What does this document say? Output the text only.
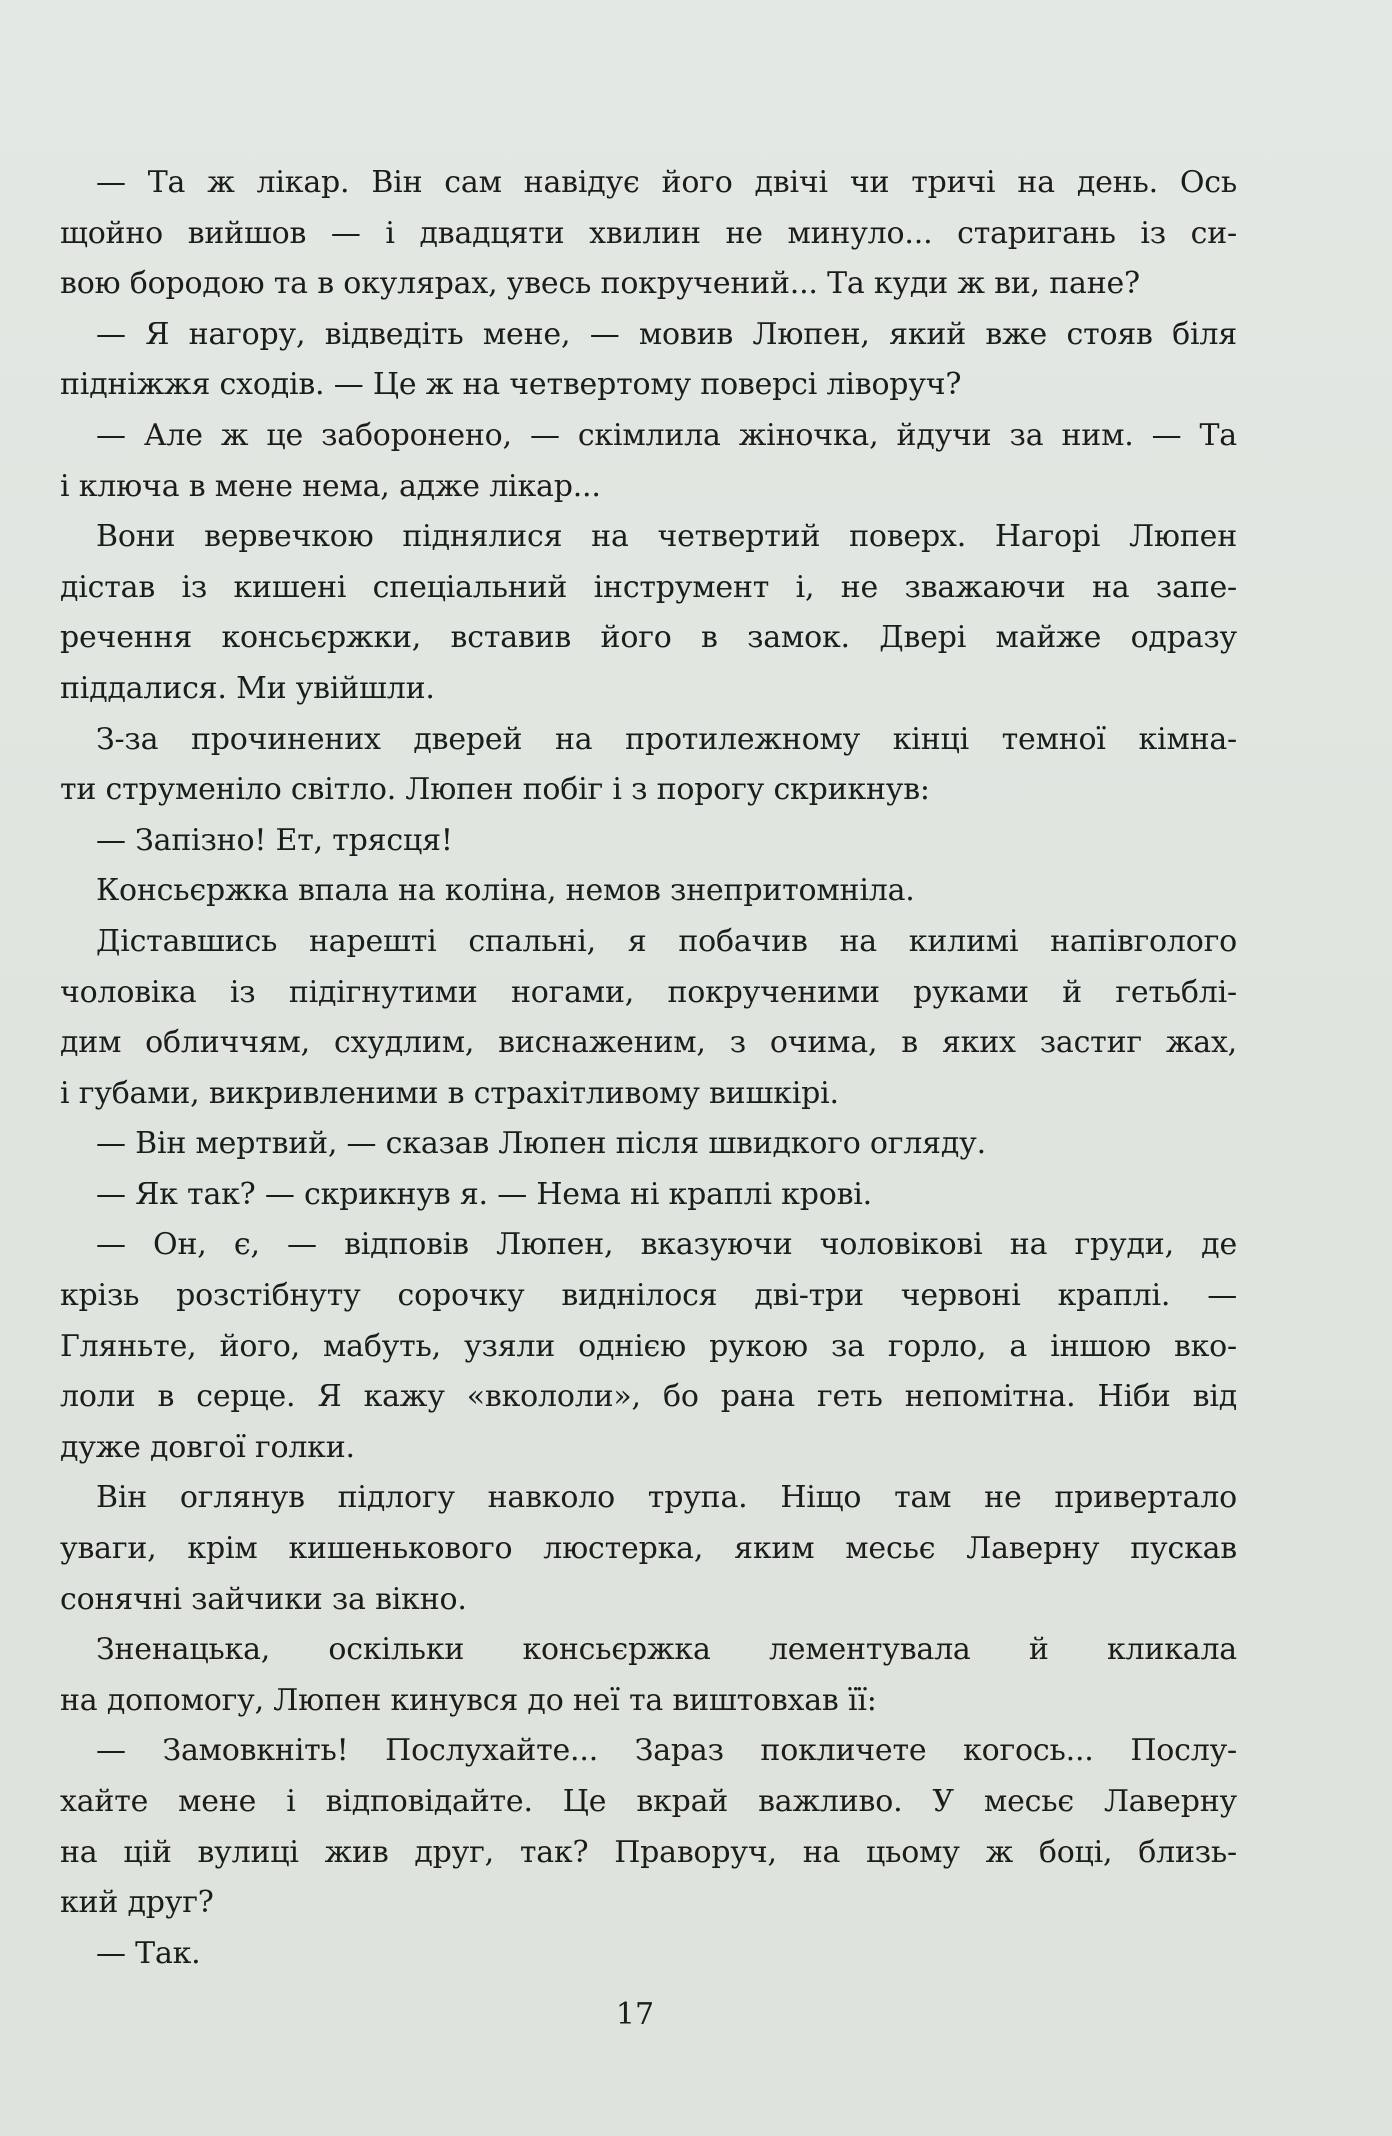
— Та ж лікар. Він сам навідує його двічі чи тричі на день. Ось
щойно вийшов — і двадцяти хвилин не минуло... старигань із си-
вою бородою та в окулярах, увесь покручений... Та куди ж ви, пане?
— Я нагору, відведіть мене, — мовив Люпен, який вже стояв біля
підніжжя сходів. — Це ж на четвертому поверсі ліворуч?
— Але ж це заборонено, — скімлила жіночка, йдучи за ним. — Та
і ключа в мене нема, адже лікар...
Вони вервечкою піднялися на четвертий поверх. Нагорі Люпен
дістав із кишені спеціальний інструмент і, не зважаючи на запе-
речення консьєржки, вставив його в замок. Двері майже одразу
піддалися. Ми увійшли.
З-за прочинених дверей на протилежному кінці темної кімна-
ти струменіло світло. Люпен побіг і з порогу скрикнув:
— Запізно! Ет, трясця!
Консьєржка впала на коліна, немов знепритомніла.
Діставшись нарешті спальні, я побачив на килимі напівголого
чоловіка із підігнутими ногами, покрученими руками й гетьблі-
дим обличчям, схудлим, виснаженим, з очима, в яких застиг жах,
і губами, викривленими в страхітливому вишкірі.
— Він мертвий, — сказав Люпен після швидкого огляду.
— Як так? — скрикнув я. — Нема ні краплі крові.
— Он, є, — відповів Люпен, вказуючи чоловікові на груди, де
крізь розстібнуту сорочку виднілося дві-три червоні краплі. —
Гляньте, його, мабуть, узяли однією рукою за горло, а іншою вко-
лоли в серце. Я кажу «вкололи», бо рана геть непомітна. Ніби від
дуже довгої голки.
Він оглянув підлогу навколо трупа. Ніщо там не привертало
уваги, крім кишенькового люстерка, яким месьє Лаверну пускав
сонячні зайчики за вікно.
Зненацька, оскільки консьєржка лементувала й кликала
на допомогу, Люпен кинувся до неї та виштовхав її:
— Замовкніть! Послухайте... Зараз покличете когось... Послу-
хайте мене і відповідайте. Це вкрай важливо. У месьє Лаверну
на цій вулиці жив друг, так? Праворуч, на цьому ж боці, близь-
кий друг?
— Так.
17
